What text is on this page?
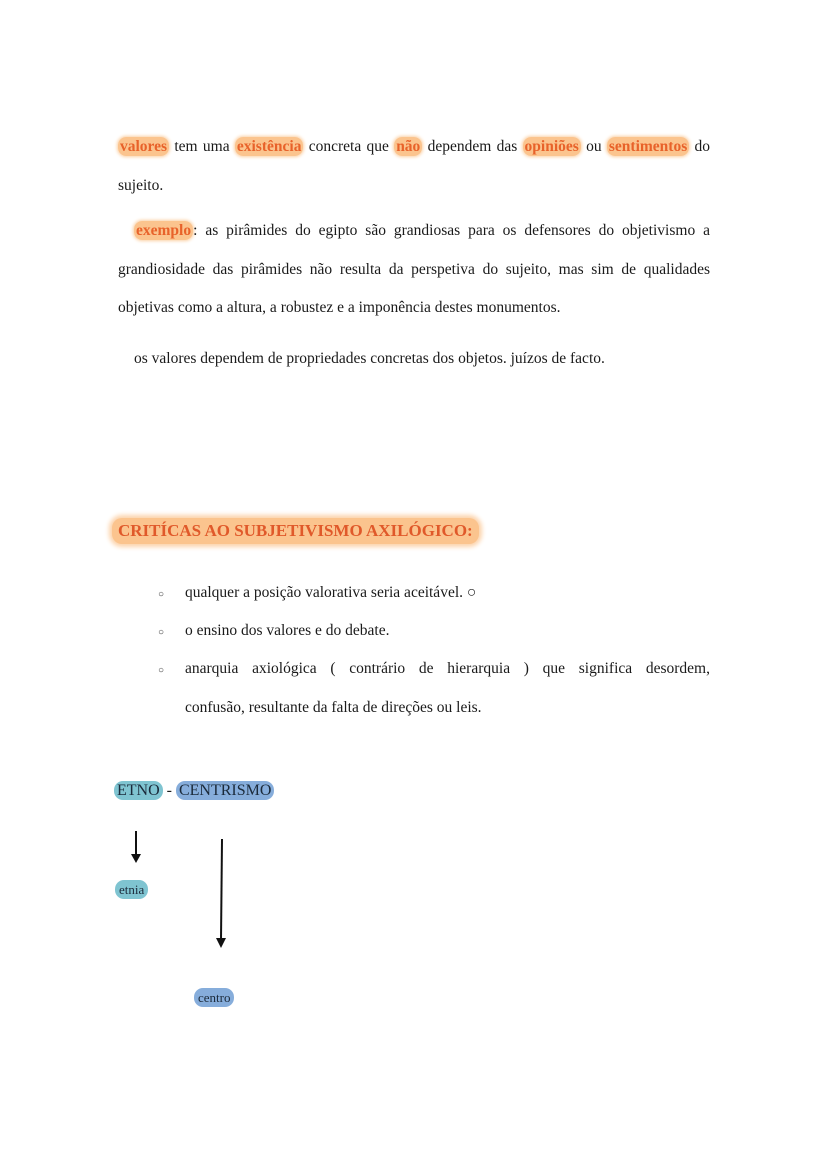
valores tem uma existência concreta que não dependem das opiniões ou sentimentos do
sujeito.
exemplo : as pirâmides do egipto são grandiosas para os defensores do objetivismo a
grandiosidade das pirâmides não resulta da perspetiva do sujeito, mas sim de qualidades
objetivas como a altura, a robustez e a imponência destes monumentos.
os valores dependem de propriedades concretas dos objetos. juízos de facto.
CRITÍCAS AO SUBJETIVISMO AXILÓGICO:
○ qualquer a posição valorativa seria aceitável. ○
○ o ensino dos valores e do debate.
○ anarquia axiológica ( contrário de hierarquia ) que significa desordem,
confusão, resultante da falta de direções ou leis.
ETNO - CENTRISMO
etnia
centro
